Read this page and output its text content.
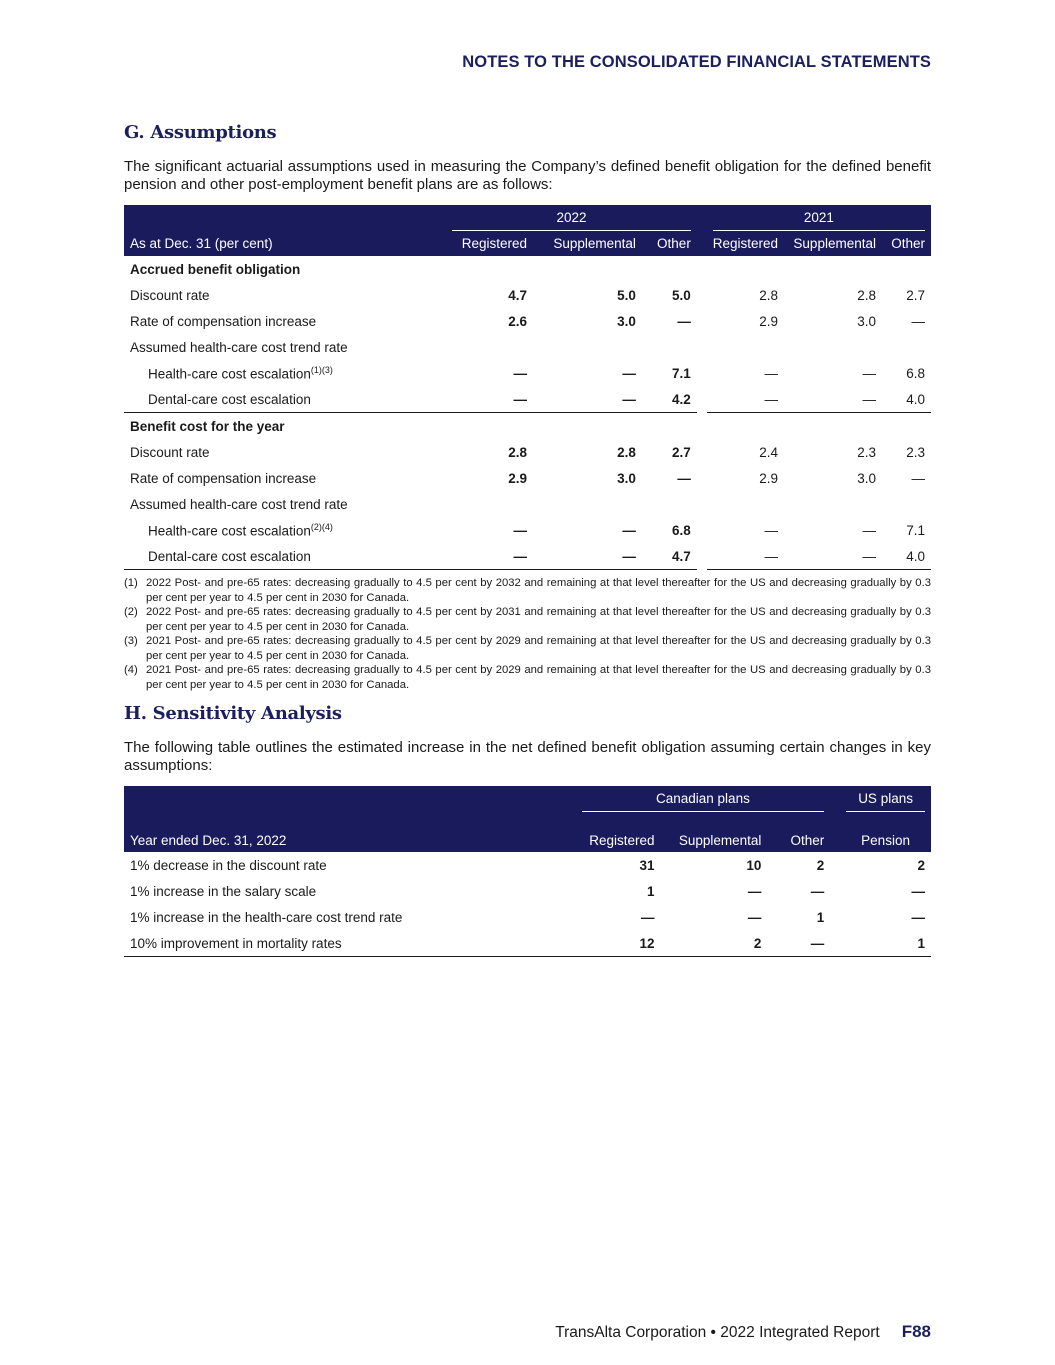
NOTES TO THE CONSOLIDATED FINANCIAL STATEMENTS
G. Assumptions

The significant actuarial assumptions used in measuring the Company’s defined benefit obligation for the defined benefit pension and other post-employment benefit plans are as follows:

	2022				2021		

As at Dec. 31 (per cent)	Registered	Supplemental	Other		Registered	Supplemental	Other
Accrued benefit obligation							
Discount rate	4.7	5.0	5.0		2.8	2.8	2.7
Rate of compensation increase	2.6	3.0	—		2.9	3.0	—
Assumed health-care cost trend rate							
Health-care cost escalation$^{(1)(3)}$	—	—	7.1		—	—	6.8
Dental-care cost escalation	—	—	4.2		—	—	4.0
Benefit cost for the year							
Discount rate	2.8	2.8	2.7		2.4	2.3	2.3
Rate of compensation increase	2.9	3.0	—		2.9	3.0	—
Assumed health-care cost trend rate							
Health-care cost escalation$^{(2)(4)}$	—	—	6.8		—	—	7.1
Dental-care cost escalation	—	—	4.7		—	—	4.0
(1) 2022 Post- and pre-65 rates: decreasing gradually to 4.5 per cent by 2032 and remaining at that level thereafter for the US and decreasing gradually by 0.3 per cent per year to 4.5 per cent in 2030 for Canada.
(2) 2022 Post- and pre-65 rates: decreasing gradually to 4.5 per cent by 2031 and remaining at that level thereafter for the US and decreasing gradually by 0.3 per cent per year to 4.5 per cent in 2030 for Canada.
(3) 2021 Post- and pre-65 rates: decreasing gradually to 4.5 per cent by 2029 and remaining at that level thereafter for the US and decreasing gradually by 0.3 per cent per year to 4.5 per cent in 2030 for Canada.
(4) 2021 Post- and pre-65 rates: decreasing gradually to 4.5 per cent by 2029 and remaining at that level thereafter for the US and decreasing gradually by 0.3 per cent per year to 4.5 per cent in 2030 for Canada.
H. Sensitivity Analysis

The following table outlines the estimated increase in the net defined benefit obligation assuming certain changes in key assumptions:

	Canadian plans				US plans

Year ended Dec. 31, 2022	Registered	Supplemental	Other		Pension
1% decrease in the discount rate	31	10	2		2
1% increase in the salary scale	1	—	—		—
1% increase in the health-care cost trend rate	—	—	1		—
10% improvement in mortality rates	12	2	—		1
TransAlta Corporation • 2022 Integrated Report F88
